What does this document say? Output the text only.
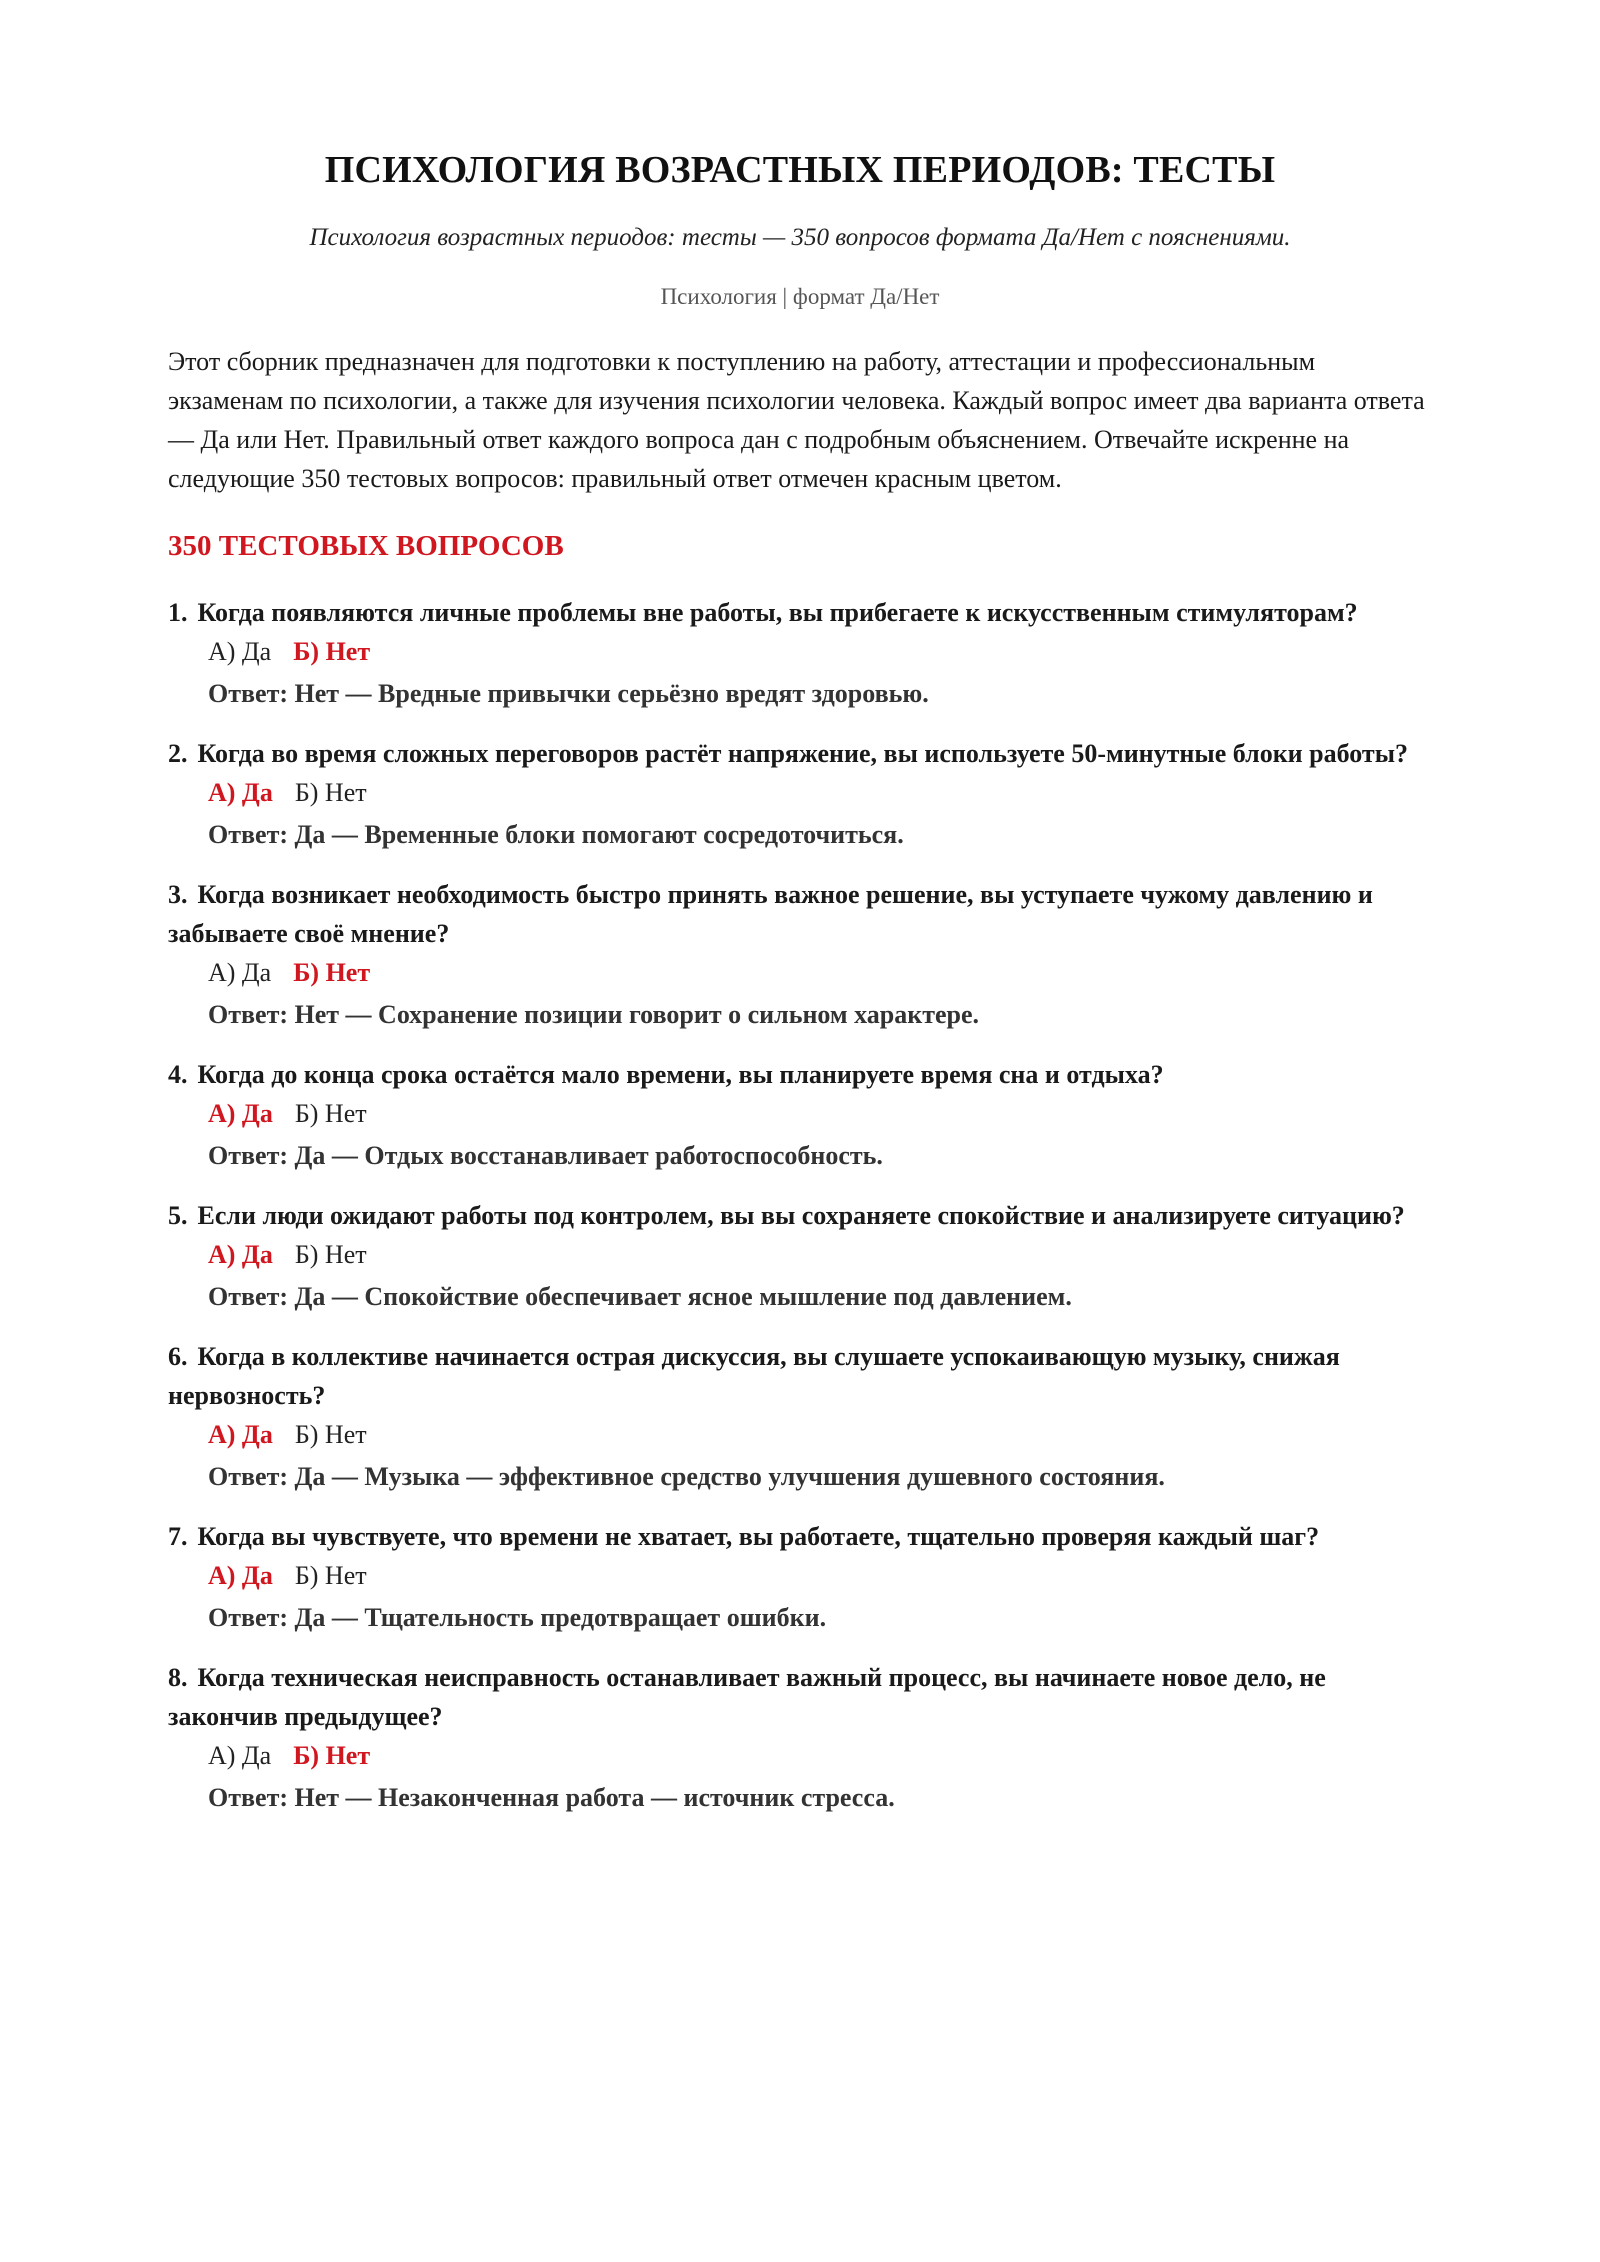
ПСИХОЛОГИЯ ВОЗРАСТНЫХ ПЕРИОДОВ: ТЕСТЫ
Психология возрастных периодов: тесты — 350 вопросов формата Да/Нет с пояснениями.
Психология | формат Да/Нет

Этот сборник предназначен для подготовки к поступлению на работу, аттестации и профессиональным экзаменам по психологии, а также для изучения психологии человека. Каждый вопрос имеет два варианта ответа — Да или Нет. Правильный ответ каждого вопроса дан с подробным объяснением. Отвечайте искренне на следующие 350 тестовых вопросов: правильный ответ отмечен красным цветом.

350 ТЕСТОВЫХ ВОПРОСОВ
1. Когда появляются личные проблемы вне работы, вы прибегаете к искусственным стимуляторам?
А) Да Б) Нет
Ответ: Нет — Вредные привычки серьёзно вредят здоровью.
2. Когда во время сложных переговоров растёт напряжение, вы используете 50-минутные блоки работы?
А) Да Б) Нет
Ответ: Да — Временные блоки помогают сосредоточиться.
3. Когда возникает необходимость быстро принять важное решение, вы уступаете чужому давлению и забываете своё мнение?
А) Да Б) Нет
Ответ: Нет — Сохранение позиции говорит о сильном характере.
4. Когда до конца срока остаётся мало времени, вы планируете время сна и отдыха?
А) Да Б) Нет
Ответ: Да — Отдых восстанавливает работоспособность.
5. Если люди ожидают работы под контролем, вы вы сохраняете спокойствие и анализируете ситуацию?
А) Да Б) Нет
Ответ: Да — Спокойствие обеспечивает ясное мышление под давлением.
6. Когда в коллективе начинается острая дискуссия, вы слушаете успокаивающую музыку, снижая нервозность?
А) Да Б) Нет
Ответ: Да — Музыка — эффективное средство улучшения душевного состояния.
7. Когда вы чувствуете, что времени не хватает, вы работаете, тщательно проверяя каждый шаг?
А) Да Б) Нет
Ответ: Да — Тщательность предотвращает ошибки.
8. Когда техническая неисправность останавливает важный процесс, вы начинаете новое дело, не закончив предыдущее?
А) Да Б) Нет
Ответ: Нет — Незаконченная работа — источник стресса.
